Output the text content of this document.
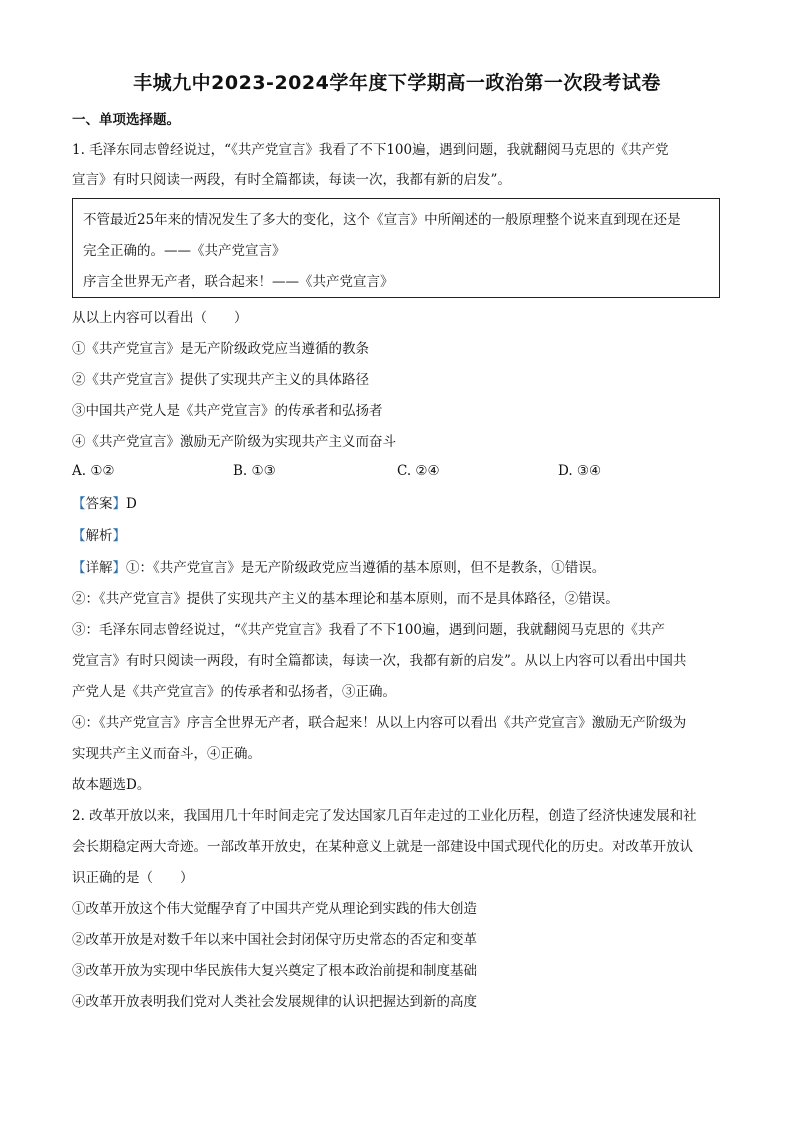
丰城九中2023-2024学年度下学期高一政治第一次段考试卷
一、单项选择题。
1. 毛泽东同志曾经说过，“《共产党宣言》我看了不下100遍，遇到问题，我就翻阅马克思的《共产党
宣言》有时只阅读一两段，有时全篇都读，每读一次，我都有新的启发”。
不管最近25年来的情况发生了多大的变化，这个《宣言》中所阐述的一般原理整个说来直到现在还是
完全正确的。——《共产党宣言》
序言全世界无产者，联合起来！——《共产党宣言》
从以上内容可以看出（　　）
①《共产党宣言》是无产阶级政党应当遵循的教条
②《共产党宣言》提供了实现共产主义的具体路径
③中国共产党人是《共产党宣言》的传承者和弘扬者
④《共产党宣言》激励无产阶级为实现共产主义而奋斗
A. ①②	B. ①③	C. ②④	D. ③④
【答案】D
【解析】
【详解】①：《共产党宣言》是无产阶级政党应当遵循的基本原则，但不是教条，①错误。
②：《共产党宣言》提供了实现共产主义的基本理论和基本原则，而不是具体路径，②错误。
③：毛泽东同志曾经说过，“《共产党宣言》我看了不下100遍，遇到问题，我就翻阅马克思的《共产
党宣言》有时只阅读一两段，有时全篇都读，每读一次，我都有新的启发”。从以上内容可以看出中国共
产党人是《共产党宣言》的传承者和弘扬者，③正确。
④：《共产党宣言》序言全世界无产者，联合起来！从以上内容可以看出《共产党宣言》激励无产阶级为
实现共产主义而奋斗，④正确。
故本题选D。
2. 改革开放以来，我国用几十年时间走完了发达国家几百年走过的工业化历程，创造了经济快速发展和社
会长期稳定两大奇迹。一部改革开放史，在某种意义上就是一部建设中国式现代化的历史。对改革开放认
识正确的是（　　）
①改革开放这个伟大觉醒孕育了中国共产党从理论到实践的伟大创造
②改革开放是对数千年以来中国社会封闭保守历史常态的否定和变革
③改革开放为实现中华民族伟大复兴奠定了根本政治前提和制度基础
④改革开放表明我们党对人类社会发展规律的认识把握达到新的高度
